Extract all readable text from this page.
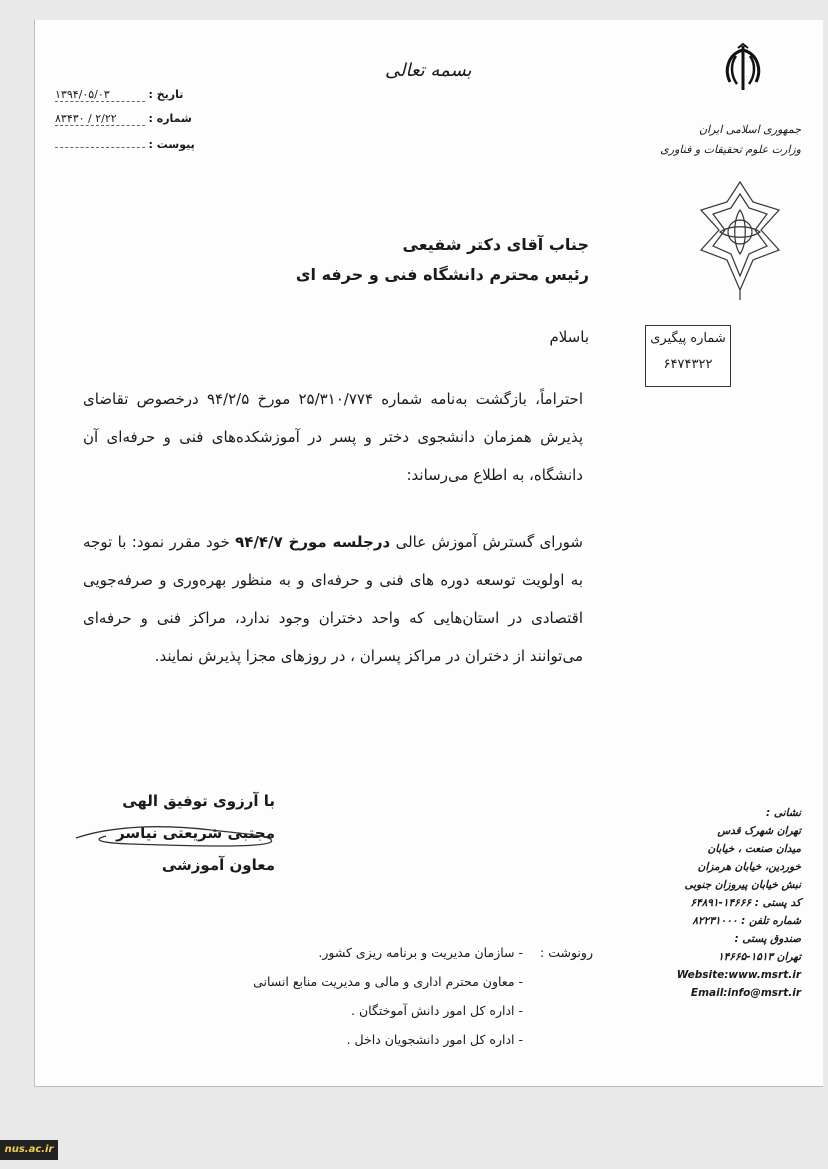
بسمه تعالی
تاریخ : ۱۳۹۴/۰۵/۰۳
شماره : ۲/۲۲ / ۸۳۴۳۰
پیوست :
جمهوری اسلامی ایران
وزارت علوم تحقیقات و فناوری
شماره پیگیری
۶۴۷۴۳۲۲
جناب آقای دکتر شفیعی
رئیس محترم دانشگاه فنی و حرفه ای
باسلام
احتراماً، بازگشت به‌نامه شماره ۲۵/۳۱۰/۷۷۴ مورخ ۹۴/۲/۵ درخصوص تقاضای پذیرش همزمان دانشجوی دختر و پسر در آموزشکده‌های فنی و حرفه‌ای آن دانشگاه، به اطلاع می‌رساند:
شورای گسترش آموزش عالی درجلسه مورخ ۹۴/۴/۷ خود مقرر نمود: با توجه به اولویت توسعه دوره های فنی و حرفه‌ای و به منظور بهره‌وری و صرفه‌جویی اقتصادی در استان‌هایی که واحد دختران وجود ندارد، مراکز فنی و حرفه‌ای می‌توانند از دختران در مراکز پسران ، در روزهای مجزا پذیرش نمایند.
با آرزوی توفیق الهی
مجتبی شریعتی نیاسر
معاون آموزشی
نشانی :
تهران شهرک قدس
میدان صنعت ، خیابان
خوردین، خیابان هرمزان
نبش خیابان پیروزان جنوبی
کد پستی : ۱۴۶۶۶-۶۴۸۹۱
شماره تلفن : ۸۲۲۳۱۰۰۰
صندوق پستی :
تهران ۱۵۱۳-۱۴۶۶۵
Website:www.msrt.ir
Email:info@msrt.ir
رونوشت :
- سازمان مدیریت و برنامه ریزی کشور.
- معاون محترم اداری و مالی و مدیریت منابع انسانی
- اداره کل امور دانش آموختگان .
- اداره کل امور دانشجویان داخل .
nus.ac.ir
